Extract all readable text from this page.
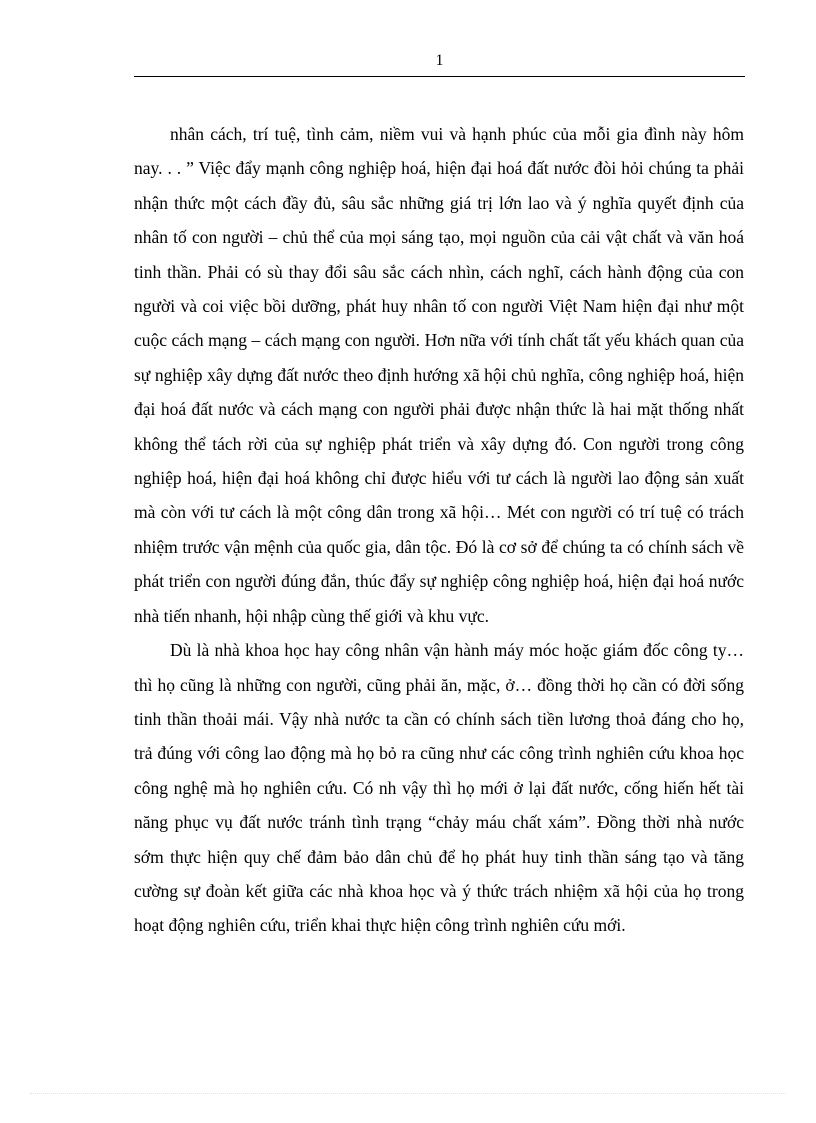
1

nhân cách, trí tuệ, tình cảm, niềm vui và hạnh phúc của mỗi gia đình này hôm nay. . . ” Việc đẩy mạnh công nghiệp hoá, hiện đại hoá đất nước đòi hỏi chúng ta phải nhận thức một cách đầy đủ, sâu sắc những giá trị lớn lao và ý nghĩa quyết định của nhân tố con người – chủ thể của mọi sáng tạo, mọi nguồn của cải vật chất và văn hoá tinh thần. Phải có sù thay đổi sâu sắc cách nhìn, cách nghĩ, cách hành động của con người và coi việc bồi dưỡng, phát huy nhân tố con người Việt Nam hiện đại như một cuộc cách mạng – cách mạng con người. Hơn nữa với tính chất tất yếu khách quan của sự nghiệp xây dựng đất nước theo định hướng xã hội chủ nghĩa, công nghiệp hoá, hiện đại hoá đất nước và cách mạng con người phải được nhận thức là hai mặt thống nhất không thể tách rời của sự nghiệp phát triển và xây dựng đó. Con người trong công nghiệp hoá, hiện đại hoá không chỉ được hiểu với tư cách là người lao động sản xuất mà còn với tư cách là một công dân trong xã hội… Mét con người có trí tuệ có trách nhiệm trước vận mệnh của quốc gia, dân tộc. Đó là cơ sở để chúng ta có chính sách về phát triển con người đúng đắn, thúc đẩy sự nghiệp công nghiệp hoá, hiện đại hoá nước nhà tiến nhanh, hội nhập cùng thế giới và khu vực.

Dù là nhà khoa học hay công nhân vận hành máy móc hoặc giám đốc công ty… thì họ cũng là những con người, cũng phải ăn, mặc, ở… đồng thời họ cần có đời sống tinh thần thoải mái. Vậy nhà nước ta cần có chính sách tiền lương thoả đáng cho họ, trả đúng với công lao động mà họ bỏ ra cũng như các công trình nghiên cứu khoa học công nghệ mà họ nghiên cứu. Có nh vậy thì họ mới ở lại đất nước, cống hiến hết tài năng phục vụ đất nước tránh tình trạng “chảy máu chất xám”. Đồng thời nhà nước sớm thực hiện quy chế đảm bảo dân chủ để họ phát huy tinh thần sáng tạo và tăng cường sự đoàn kết giữa các nhà khoa học và ý thức trách nhiệm xã hội của họ trong hoạt động nghiên cứu, triển khai thực hiện công trình nghiên cứu mới.
